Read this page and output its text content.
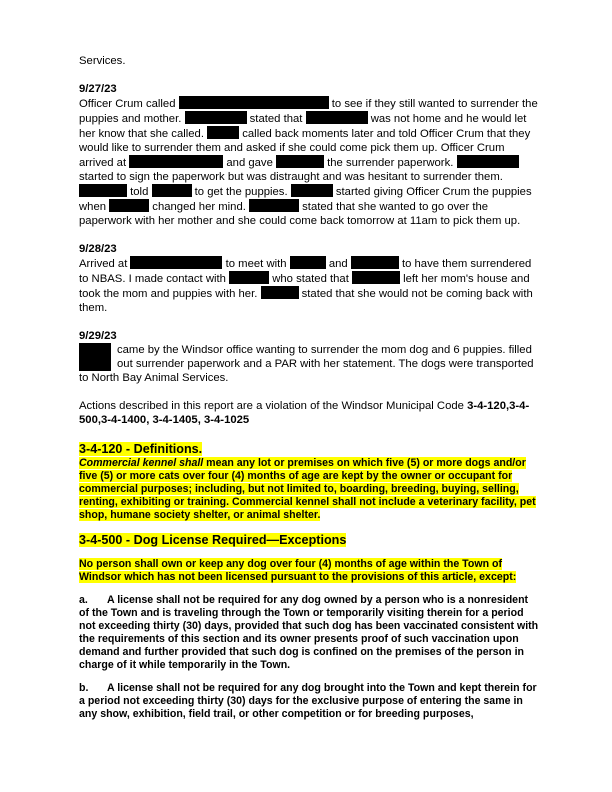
Services.

9/27/23

Officer Crum called	to see if they still wanted to surrender the puppies and mother.	stated that	was not home and he would let her know that she called.	called back moments later and told Officer Crum that they would like to surrender them and asked if she could come pick them up. Officer Crum arrived at	and gave	the surrender paperwork.  started to sign the paperwork but was distraught and was hesitant to surrender them.  told	to get the puppies.	started giving Officer Crum the puppies when	changed her mind.	stated that she wanted to go over the paperwork with her mother and she could come back tomorrow at 11am to pick them up.

9/28/23

Arrived at	to meet with	and	to have them surrendered to NBAS. I made contact with	who stated that	left her mom's house and took the mom and puppies with her.	stated that she would not be coming back with them.

9/29/23

came by the Windsor office wanting to surrender the mom dog and 6 puppies. filled out surrender paperwork and a PAR with her statement. The dogs were transported to North Bay Animal Services.

Actions described in this report are a violation of the Windsor Municipal Code 3-4-120,3-4-500,3-4-1400, 3-4-1405, 3-4-1025

3-4-120 - Definitions.

Commercial kennel shall mean any lot or premises on which five (5) or more dogs and/or five (5) or more cats over four (4) months of age are kept by the owner or occupant for commercial purposes; including, but not limited to, boarding, breeding, buying, selling, renting, exhibiting or training. Commercial kennel shall not include a veterinary facility, pet shop, humane society shelter, or animal shelter.

3-4-500 - Dog License Required—Exceptions

No person shall own or keep any dog over four (4) months of age within the Town of Windsor which has not been licensed pursuant to the provisions of this article, except:

a. A license shall not be required for any dog owned by a person who is a nonresident of the Town and is traveling through the Town or temporarily visiting therein for a period not exceeding thirty (30) days, provided that such dog has been vaccinated consistent with the requirements of this section and its owner presents proof of such vaccination upon demand and further provided that such dog is confined on the premises of the person in charge of it while temporarily in the Town.

b. A license shall not be required for any dog brought into the Town and kept therein for a period not exceeding thirty (30) days for the exclusive purpose of entering the same in any show, exhibition, field trail, or other competition or for breeding purposes,
